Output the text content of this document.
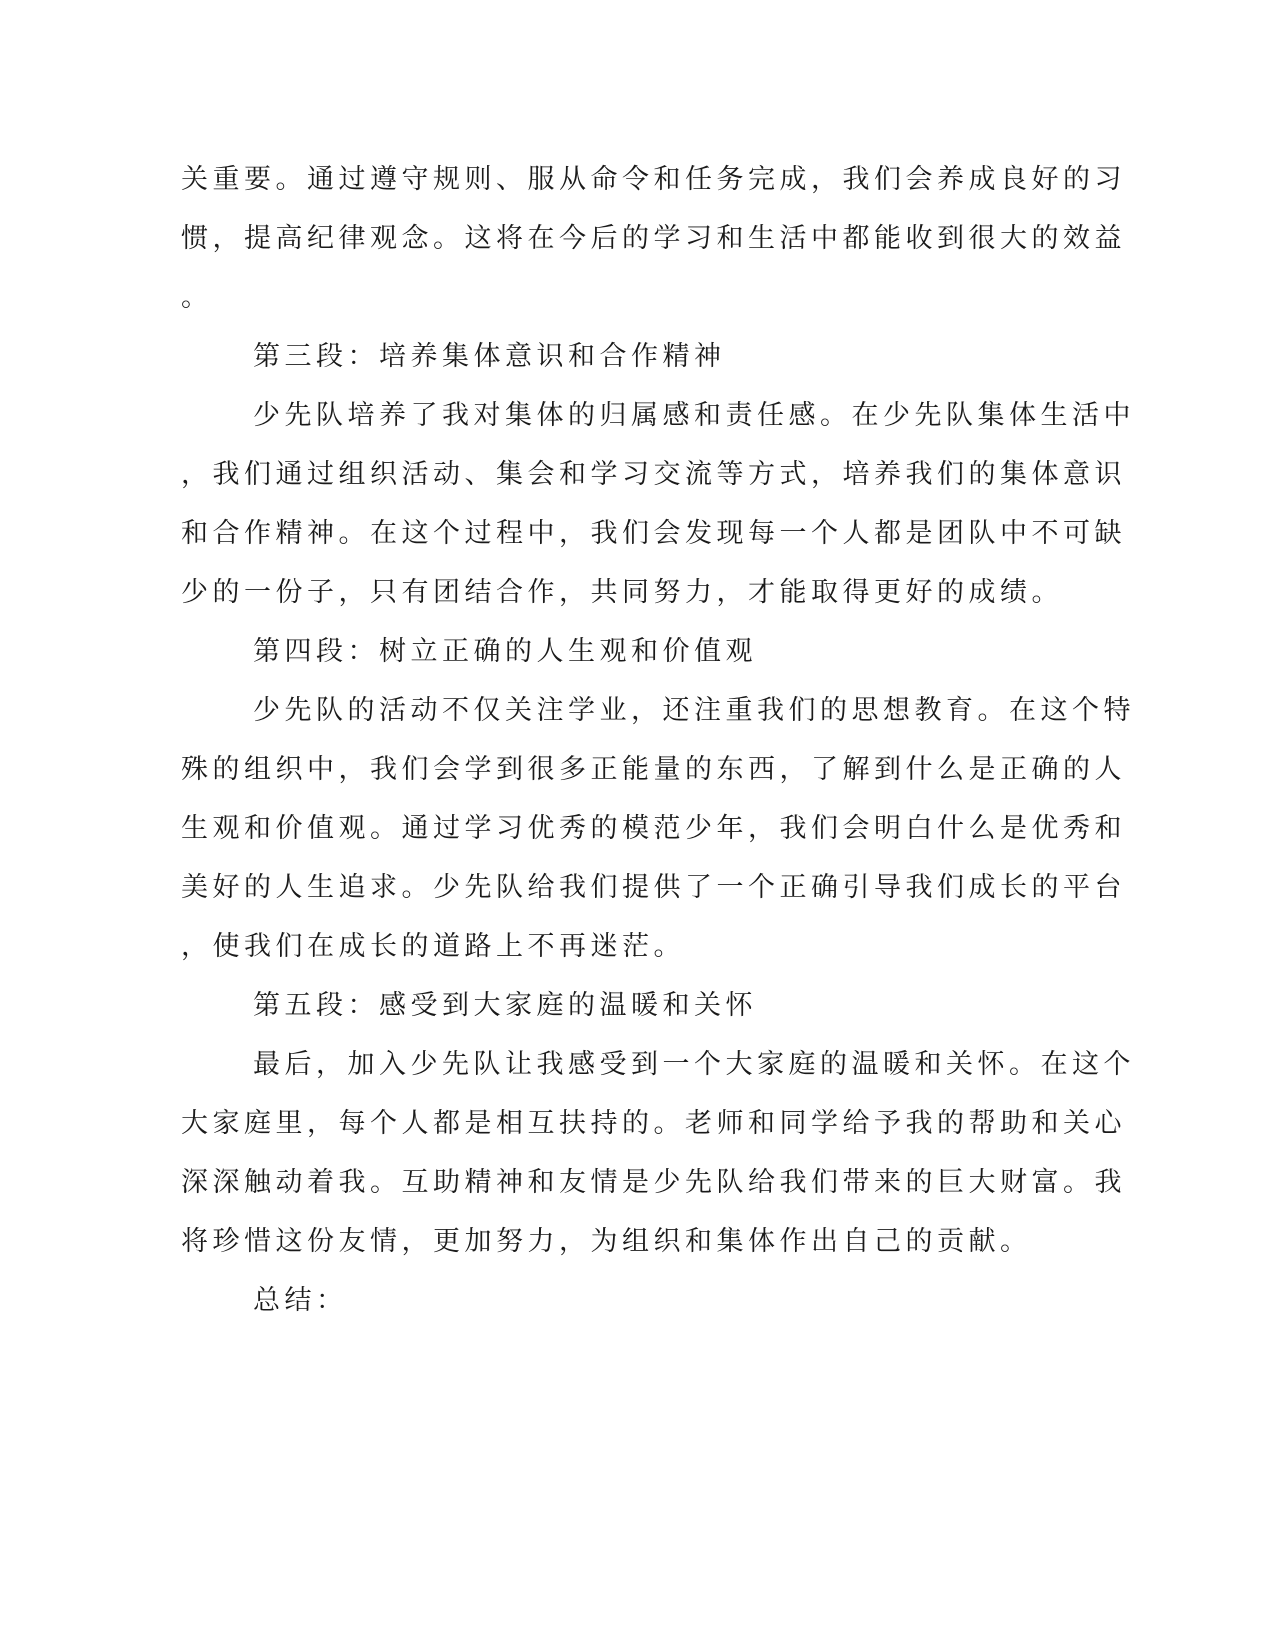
关重要。通过遵守规则、服从命令和任务完成，我们会养成良好的习
惯，提高纪律观念。这将在今后的学习和生活中都能收到很大的效益
。
第三段：培养集体意识和合作精神
少先队培养了我对集体的归属感和责任感。在少先队集体生活中
，我们通过组织活动、集会和学习交流等方式，培养我们的集体意识
和合作精神。在这个过程中，我们会发现每一个人都是团队中不可缺
少的一份子，只有团结合作，共同努力，才能取得更好的成绩。
第四段：树立正确的人生观和价值观
少先队的活动不仅关注学业，还注重我们的思想教育。在这个特
殊的组织中，我们会学到很多正能量的东西，了解到什么是正确的人
生观和价值观。通过学习优秀的模范少年，我们会明白什么是优秀和
美好的人生追求。少先队给我们提供了一个正确引导我们成长的平台
，使我们在成长的道路上不再迷茫。
第五段：感受到大家庭的温暖和关怀
最后，加入少先队让我感受到一个大家庭的温暖和关怀。在这个
大家庭里，每个人都是相互扶持的。老师和同学给予我的帮助和关心
深深触动着我。互助精神和友情是少先队给我们带来的巨大财富。我
将珍惜这份友情，更加努力，为组织和集体作出自己的贡献。
总结：
